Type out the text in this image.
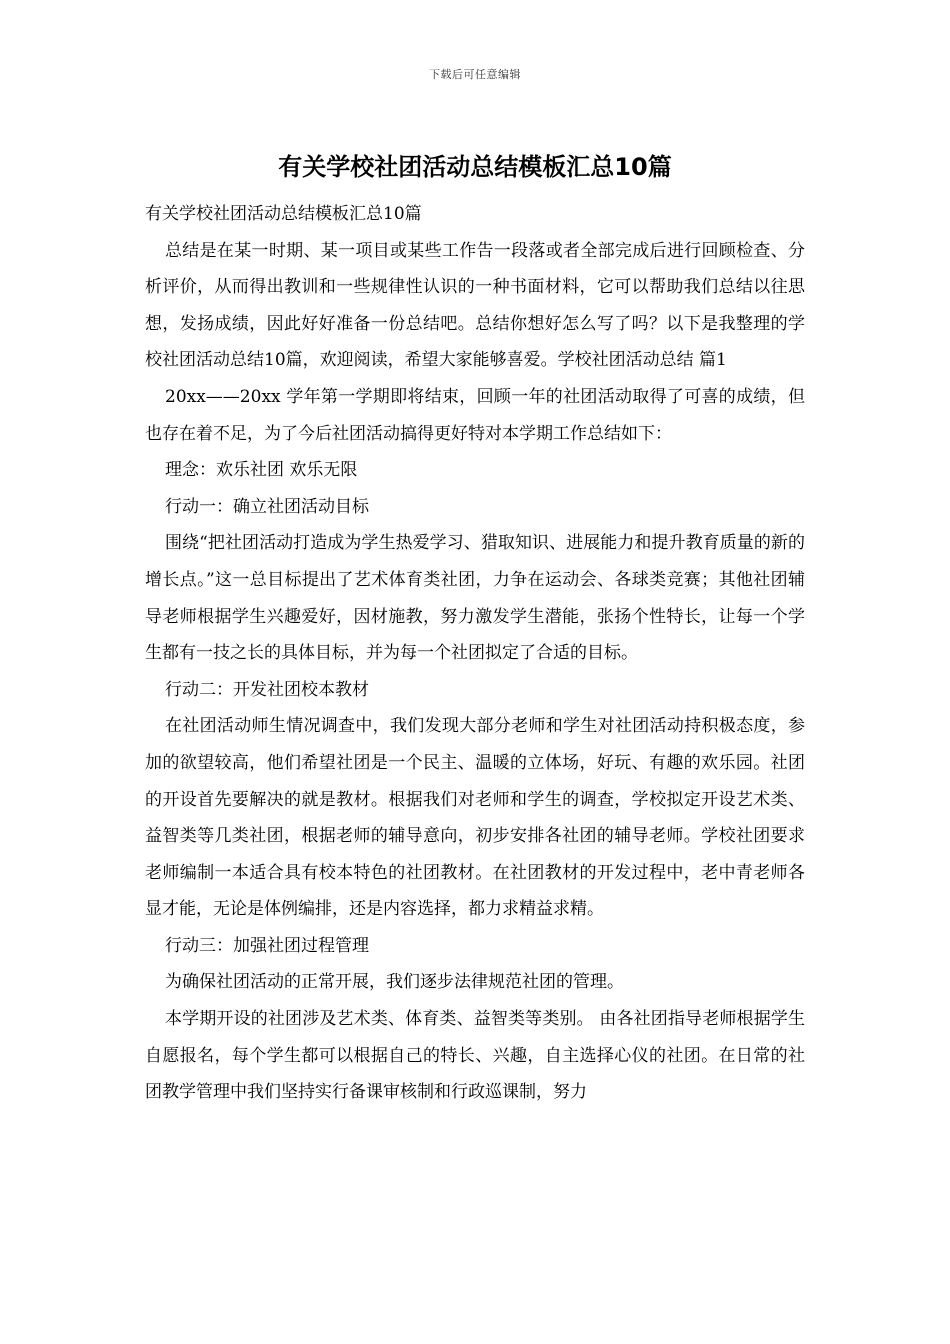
下载后可任意编辑
有关学校社团活动总结模板汇总10篇

有关学校社团活动总结模板汇总10篇

总结是在某一时期、某一项目或某些工作告一段落或者全部完成后进行回顾检查、分析评价，从而得出教训和一些规律性认识的一种书面材料，它可以帮助我们总结以往思想，发扬成绩，因此好好准备一份总结吧。总结你想好怎么写了吗？以下是我整理的学校社团活动总结10篇，欢迎阅读，希望大家能够喜爱。学校社团活动总结 篇1

20xx——20xx 学年第一学期即将结束，回顾一年的社团活动取得了可喜的成绩，但也存在着不足，为了今后社团活动搞得更好特对本学期工作总结如下：

理念：欢乐社团 欢乐无限

行动一：确立社团活动目标

围绕“把社团活动打造成为学生热爱学习、猎取知识、进展能力和提升教育质量的新的增长点。”这一总目标提出了艺术体育类社团，力争在运动会、各球类竞赛；其他社团辅导老师根据学生兴趣爱好，因材施教，努力激发学生潜能，张扬个性特长，让每一个学生都有一技之长的具体目标，并为每一个社团拟定了合适的目标。

行动二：开发社团校本教材

在社团活动师生情况调查中，我们发现大部分老师和学生对社团活动持积极态度，参加的欲望较高，他们希望社团是一个民主、温暖的立体场，好玩、有趣的欢乐园。社团的开设首先要解决的就是教材。根据我们对老师和学生的调查，学校拟定开设艺术类、益智类等几类社团，根据老师的辅导意向，初步安排各社团的辅导老师。学校社团要求老师编制一本适合具有校本特色的社团教材。在社团教材的开发过程中，老中青老师各显才能，无论是体例编排，还是内容选择，都力求精益求精。

行动三：加强社团过程管理

为确保社团活动的正常开展，我们逐步法律规范社团的管理。

本学期开设的社团涉及艺术类、体育类、益智类等类别。 由各社团指导老师根据学生自愿报名，每个学生都可以根据自己的特长、兴趣，自主选择心仪的社团。在日常的社团教学管理中我们坚持实行备课审核制和行政巡课制，努力
